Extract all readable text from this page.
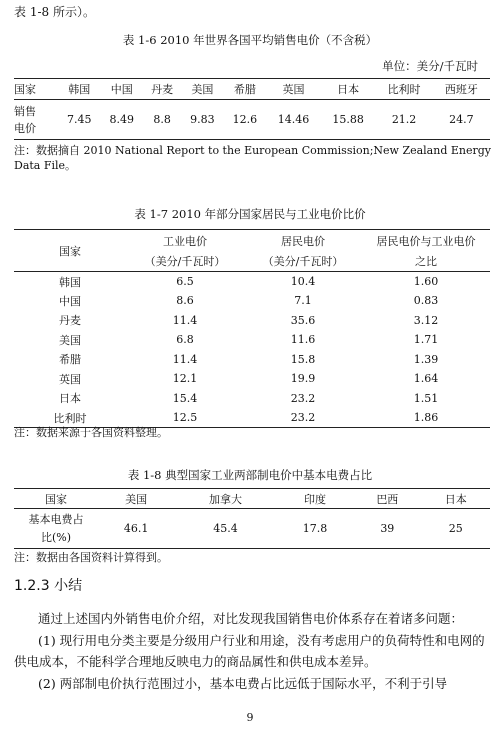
表 1-8 所示）。
表 1-6 2010 年世界各国平均销售电价（不含税）
单位：美分/千瓦时
国家	韩国	中国	丹麦	美国	希腊	英国	日本	比利时	西班牙

销售
电价	7.45	8.49	8.8	9.83	12.6	14.46	15.88	21.2	24.7
注：数据摘自 2010 National Report to the European Commission;New Zealand Energy
Data File。
表 1-7 2010 年部分国家居民与工业电价比价
国家	工业电价	居民电价	居民电价与工业电价
	（美分/千瓦时）	（美分/千瓦时）	之比
韩国	6.5	10.4	1.60
中国	8.6	7.1	0.83
丹麦	11.4	35.6	3.12
美国	6.8	11.6	1.71
希腊	11.4	15.8	1.39
英国	12.1	19.9	1.64
日本	15.4	23.2	1.51
比利时	12.5	23.2	1.86
注：数据来源于各国资料整理。
表 1-8 典型国家工业两部制电价中基本电费占比
国家	美国	加拿大	印度	巴西	日本

基本电费占
比(%)	46.1	45.4	17.8	39	25
注：数据由各国资料计算得到。
1.2.3 小结
通过上述国内外销售电价介绍，对比发现我国销售电价体系存在着诸多问题：
(1) 现行用电分类主要是分级用户行业和用途，没有考虑用户的负荷特性和电网的供电成本，不能科学合理地反映电力的商品属性和供电成本差异。
(2) 两部制电价执行范围过小，基本电费占比远低于国际水平，不利于引导
9
